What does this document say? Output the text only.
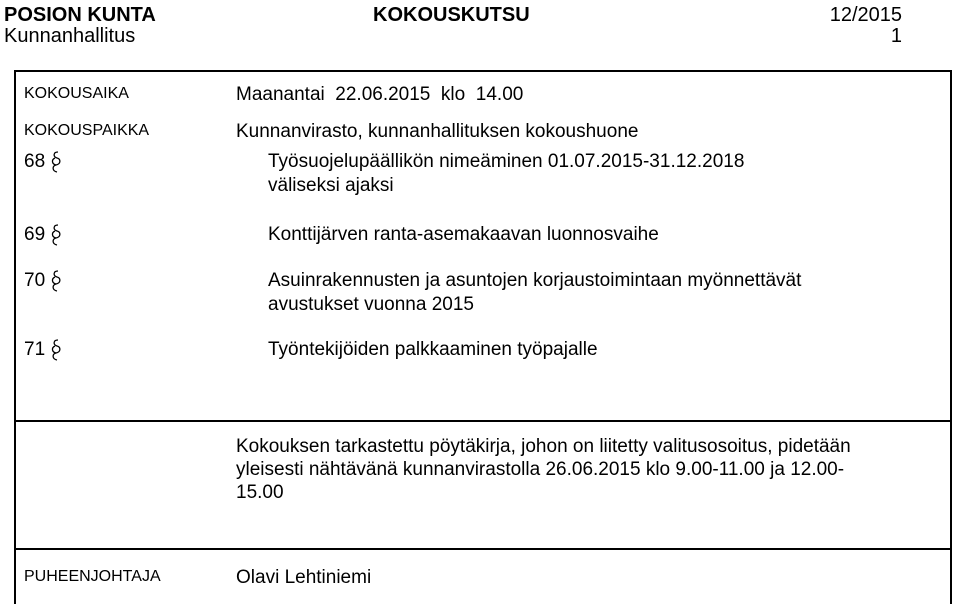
POSION KUNTA	KOKOUSKUTSU	12/2015
Kunnanhallitus	1
KOKOUSAIKA	Maanantai  22.06.2015  klo  14.00
KOKOUSPAIKKA	Kunnanvirasto, kunnanhallituksen kokoushuone
68	Työsuojelupäällikön nimeäminen 01.07.2015-31.12.2018
väliseksi ajaksi
69	Konttijärven ranta-asemakaavan luonnosvaihe
70	Asuinrakennusten ja asuntojen korjaustoimintaan myönnettävät
avustukset vuonna 2015
71	Työntekijöiden palkkaaminen työpajalle
Kokouksen tarkastettu pöytäkirja, johon on liitetty valitusosoitus, pidetään
yleisesti nähtävänä kunnanvirastolla 26.06.2015 klo 9.00-11.00 ja 12.00-
15.00
PUHEENJOHTAJA	Olavi Lehtiniemi
